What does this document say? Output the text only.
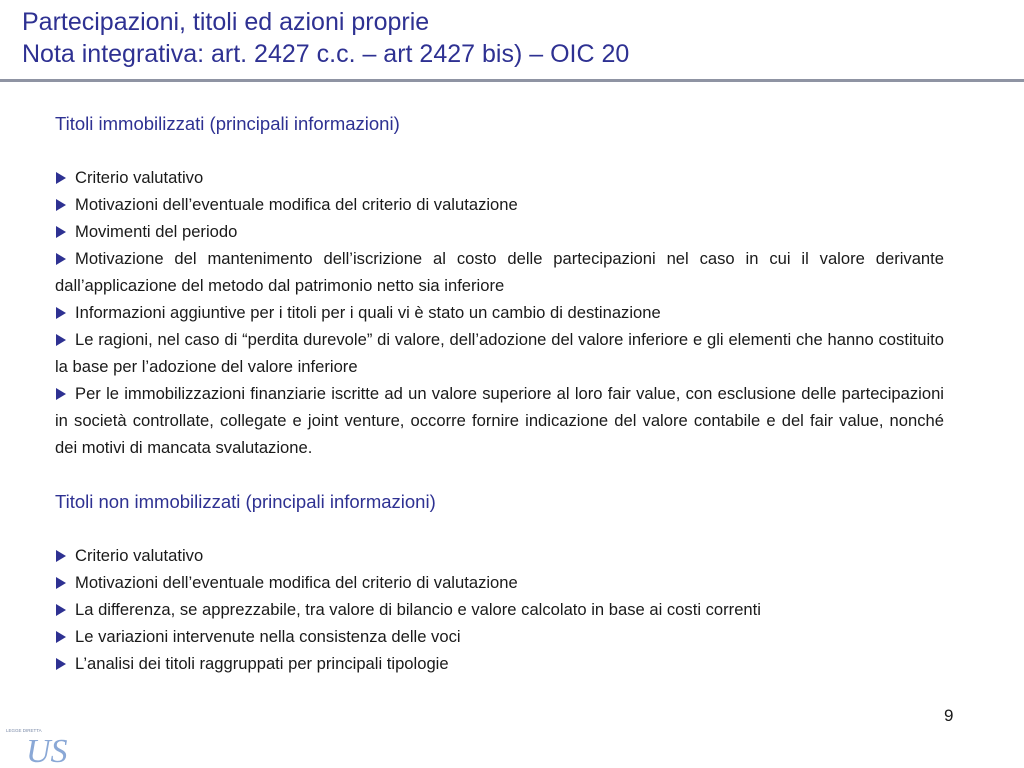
Partecipazioni, titoli ed azioni proprie
Nota integrativa: art. 2427 c.c. – art 2427 bis) – OIC 20

Titoli immobilizzati (principali informazioni)

Criterio valutativo

Motivazioni dell’eventuale modifica del criterio di valutazione

Movimenti del periodo

Motivazione del mantenimento dell’iscrizione al costo delle partecipazioni nel caso in cui il valore derivante dall’applicazione del metodo dal patrimonio netto sia inferiore

Informazioni aggiuntive per i titoli per i quali vi è stato un cambio di destinazione

Le ragioni, nel caso di “perdita durevole” di valore, dell’adozione del valore inferiore e gli elementi che hanno costituito la base per l’adozione del valore inferiore

Per le immobilizzazioni finanziarie iscritte ad un valore superiore al loro fair value, con esclusione delle partecipazioni in società controllate, collegate e joint venture, occorre fornire indicazione del valore contabile e del fair value, nonché dei motivi di mancata svalutazione.

Titoli non immobilizzati (principali informazioni)

Criterio valutativo

Motivazioni dell’eventuale modifica del criterio di valutazione

La differenza, se apprezzabile, tra valore di bilancio e valore calcolato in base ai costi correnti

Le variazioni intervenute nella consistenza delle voci

L’analisi dei titoli raggruppati per principali tipologie

9
LEGGE DIRETTA
US
